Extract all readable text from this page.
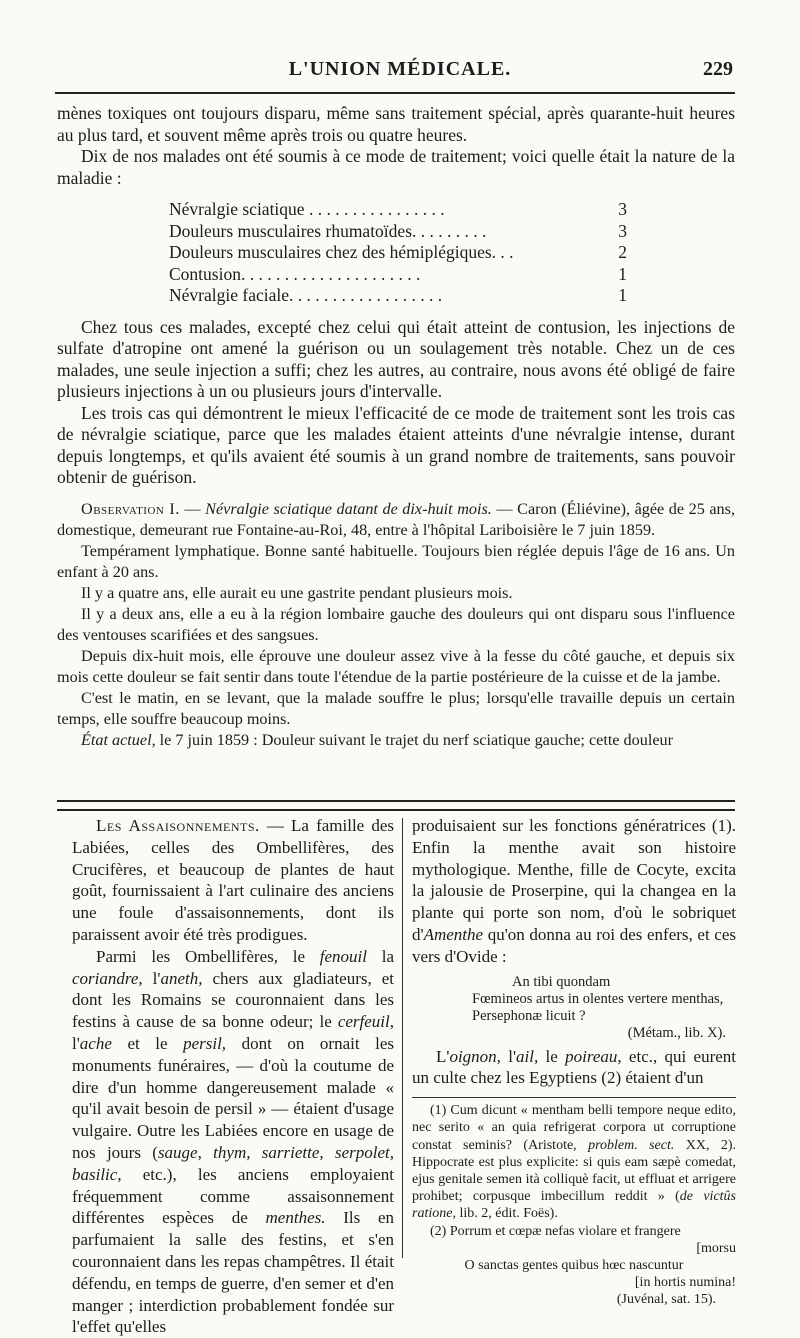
L'UNION MÉDICALE.	229

mènes toxiques ont toujours disparu, même sans traitement spécial, après quarante-huit heures au plus tard, et souvent même après trois ou quatre heures.

Dix de nos malades ont été soumis à ce mode de traitement; voici quelle était la nature de la maladie :

Névralgie sciatique . . . . . . . . . . . . . . . .	3
Douleurs musculaires rhumatoïdes. . . . . . . . .	3
Douleurs musculaires chez des hémiplégiques. . .	2
Contusion. . . . . . . . . . . . . . . . . . . . .	1
Névralgie faciale. . . . . . . . . . . . . . . . . .	1

Chez tous ces malades, excepté chez celui qui était atteint de contusion, les injections de sulfate d'atropine ont amené la guérison ou un soulagement très notable. Chez un de ces malades, une seule injection a suffi; chez les autres, au contraire, nous avons été obligé de faire plusieurs injections à un ou plusieurs jours d'intervalle.

Les trois cas qui démontrent le mieux l'efficacité de ce mode de traitement sont les trois cas de névralgie sciatique, parce que les malades étaient atteints d'une névralgie intense, durant depuis longtemps, et qu'ils avaient été soumis à un grand nombre de traitements, sans pouvoir obtenir de guérison.

Observation I. — Névralgie sciatique datant de dix-huit mois. — Caron (Éliévine), âgée de 25 ans, domestique, demeurant rue Fontaine-au-Roi, 48, entre à l'hôpital Lariboisière le 7 juin 1859.

Tempérament lymphatique. Bonne santé habituelle. Toujours bien réglée depuis l'âge de 16 ans. Un enfant à 20 ans.

Il y a quatre ans, elle aurait eu une gastrite pendant plusieurs mois.

Il y a deux ans, elle a eu à la région lombaire gauche des douleurs qui ont disparu sous l'influence des ventouses scarifiées et des sangsues.

Depuis dix-huit mois, elle éprouve une douleur assez vive à la fesse du côté gauche, et depuis six mois cette douleur se fait sentir dans toute l'étendue de la partie postérieure de la cuisse et de la jambe.

C'est le matin, en se levant, que la malade souffre le plus; lorsqu'elle travaille depuis un certain temps, elle souffre beaucoup moins.

État actuel, le 7 juin 1859 : Douleur suivant le trajet du nerf sciatique gauche; cette douleur

Les Assaisonnements. — La famille des Labiées, celles des Ombellifères, des Crucifères, et beaucoup de plantes de haut goût, fournissaient à l'art culinaire des anciens une foule d'assaisonnements, dont ils paraissent avoir été très prodigues.

Parmi les Ombellifères, le fenouil la coriandre, l'aneth, chers aux gladiateurs, et dont les Romains se couronnaient dans les festins à cause de sa bonne odeur; le cerfeuil, l'ache et le persil, dont on ornait les monuments funéraires, — d'où la coutume de dire d'un homme dangereusement malade « qu'il avait besoin de persil » — étaient d'usage vulgaire. Outre les Labiées encore en usage de nos jours (sauge, thym, sarriette, serpolet, basilic, etc.), les anciens employaient fréquemment comme assaisonnement différentes espèces de menthes. Ils en parfumaient la salle des festins, et s'en couronnaient dans les repas champêtres. Il était défendu, en temps de guerre, d'en semer et d'en manger ; interdiction probablement fondée sur l'effet qu'elles

produisaient sur les fonctions génératrices (1). Enfin la menthe avait son histoire mythologique. Menthe, fille de Cocyte, excita la jalousie de Proserpine, qui la changea en la plante qui porte son nom, d'où le sobriquet d'Amenthe qu'on donna au roi des enfers, et ces vers d'Ovide :

An tibi quondam
Fœmineos artus in olentes vertere menthas,
Persephonæ licuit ?
(Métam., lib. X).

L'oignon, l'ail, le poireau, etc., qui eurent un culte chez les Egyptiens (2) étaient d'un

(1) Cum dicunt « mentham belli tempore neque edito, nec serito « an quia refrigerat corpora ut corruptione constat seminis? (Aristote, problem. sect. XX, 2). Hippocrate est plus explicite: si quis eam sæpè comedat, ejus genitale semen ità colliquè facit, ut effluat et arrigere prohibet; corpusque imbecillum reddit » (de victûs ratione, lib. 2, édit. Foës).

(2) Porrum et cœpæ nefas violare et frangere

[morsu
O sanctas gentes quibus hœc nascuntur
[in hortis numina!
(Juvénal, sat. 15).
